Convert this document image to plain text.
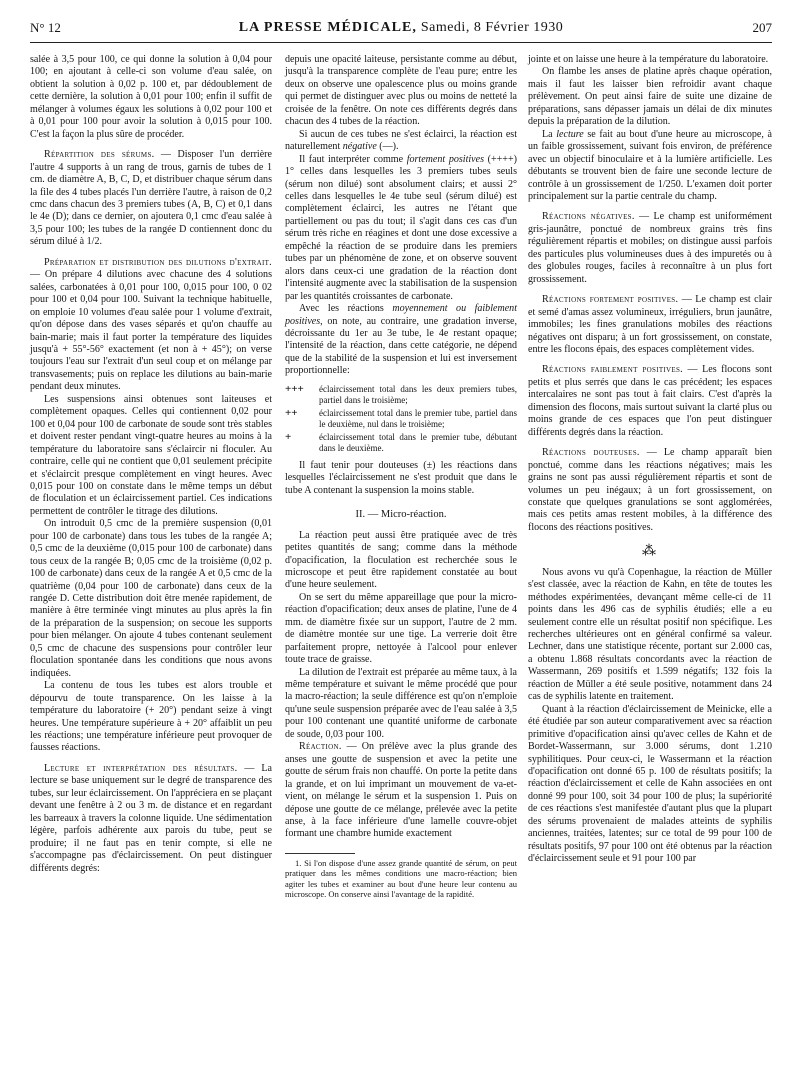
N° 12	LA PRESSE MÉDICALE, Samedi, 8 Février 1930	207

salée à 3,5 pour 100, ce qui donne la solution à 0,04 pour 100; en ajoutant à celle-ci son volume d'eau salée, on obtient la solution à 0,02 p. 100 et, par dédoublement de cette dernière, la solution à 0,01 pour 100; enfin il suffit de mélanger à volumes égaux les solutions à 0,02 pour 100 et à 0,01 pour 100 pour avoir la solution à 0,015 pour 100. C'est la façon la plus sûre de procéder.

Répartition des sérums. — Disposer l'un derrière l'autre 4 supports à un rang de trous, garnis de tubes de 1 cm. de diamètre A, B, C, D, et distribuer chaque sérum dans la file des 4 tubes placés l'un derrière l'autre, à raison de 0,2 cmc dans chacun des 3 premiers tubes (A, B, C) et 0,1 dans le 4e (D); dans ce dernier, on ajoutera 0,1 cmc d'eau salée à 3,5 pour 100; les tubes de la rangée D contiennent donc du sérum dilué à 1/2.

Préparation et distribution des dilutions d'extrait. — On prépare 4 dilutions avec chacune des 4 solutions salées, carbonatées à 0,01 pour 100, 0,015 pour 100, 0 02 pour 100 et 0,04 pour 100. Suivant la technique habituelle, on emploie 10 volumes d'eau salée pour 1 volume d'extrait, qu'on dépose dans des vases séparés et qu'on chauffe au bain-marie; mais il faut porter la température des liquides jusqu'à + 55°-56° exactement (et non à + 45°); on verse toujours l'eau sur l'extrait d'un seul coup et on mélange par transvasements; puis on replace les dilutions au bain-marie pendant deux minutes.

Les suspensions ainsi obtenues sont laiteuses et complètement opaques. Celles qui contiennent 0,02 pour 100 et 0,04 pour 100 de carbonate de soude sont très stables et doivent rester pendant vingt-quatre heures au moins à la température du laboratoire sans s'éclaircir ni floculer. Au contraire, celle qui ne contient que 0,01 seulement précipite et s'éclaircit presque complètement en vingt heures. Avec 0,015 pour 100 on constate dans le même temps un début de floculation et un éclaircissement partiel. Ces indications permettent de contrôler le titrage des dilutions.

On introduit 0,5 cmc de la première suspension (0,01 pour 100 de carbonate) dans tous les tubes de la rangée A; 0,5 cmc de la deuxième (0,015 pour 100 de carbonate) dans tous ceux de la rangée B; 0,05 cmc de la troisième (0,02 p. 100 de carbonate) dans ceux de la rangée A et 0,5 cmc de la quatrième (0,04 pour 100 de carbonate) dans ceux de la rangée D. Cette distribution doit être menée rapidement, de manière à être terminée vingt minutes au plus après la fin de la préparation de la suspension; on secoue les supports pour bien mélanger. On ajoute 4 tubes contenant seulement 0,5 cmc de chacune des suspensions pour contrôler leur floculation spontanée dans les conditions que nous avons indiquées.

La contenu de tous les tubes est alors trouble et dépourvu de toute transparence. On les laisse à la température du laboratoire (+ 20°) pendant seize à vingt heures. Une température supérieure à + 20° affaiblit un peu les réactions; une température inférieure peut provoquer de fausses réactions.

Lecture et interprétation des résultats. — La lecture se base uniquement sur le degré de transparence des tubes, sur leur éclaircissement. On l'appréciera en se plaçant devant une fenêtre à 2 ou 3 m. de distance et en regardant les barreaux à travers la colonne liquide. Une sédimentation légère, parfois adhérente aux parois du tube, peut se produire; il ne faut pas en tenir compte, si elle ne s'accompagne pas d'éclaircissement. On peut distinguer différents degrés:

depuis une opacité laiteuse, persistante comme au début, jusqu'à la transparence complète de l'eau pure; entre les deux on observe une opalescence plus ou moins grande qui permet de distinguer avec plus ou moins de netteté la croisée de la fenêtre. On note ces différents degrés dans chacun des 4 tubes de la réaction.

Si aucun de ces tubes ne s'est éclairci, la réaction est naturellement négative (—).

Il faut interpréter comme fortement positives (++++) 1° celles dans lesquelles les 3 premiers tubes seuls (sérum non dilué) sont absolument clairs; et aussi 2° celles dans lesquelles le 4e tube seul (sérum dilué) est complètement éclairci, les autres ne l'étant que partiellement ou pas du tout; il s'agit dans ces cas d'un sérum très riche en réagines et dont une dose excessive a empêché la réaction de se produire dans les premiers tubes par un phénomène de zone, et on observe souvent alors dans ceux-ci une gradation de la réaction dont l'intensité augmente avec la stabilisation de la suspension par les quantités croissantes de carbonate.

Avec les réactions moyennement ou faiblement positives, on note, au contraire, une gradation inverse, décroissante du 1er au 3e tube, le 4e restant opaque; l'intensité de la réaction, dans cette catégorie, ne dépend que de la stabilité de la suspension et lui est inversement proportionnelle:

+++	éclaircissement total dans les deux premiers tubes, partiel dans le troisième;
++	éclaircissement total dans le premier tube, partiel dans le deuxième, nul dans le troisième;
+	éclaircissement total dans le premier tube, débutant dans le deuxième.

Il faut tenir pour douteuses (±) les réactions dans lesquelles l'éclaircissement ne s'est produit que dans le tube A contenant la suspension la moins stable.

II. — Micro-réaction.

La réaction peut aussi être pratiquée avec de très petites quantités de sang; comme dans la méthode d'opacification, la floculation est recherchée sous le microscope et peut être rapidement constatée au bout d'une heure seulement.

On se sert du même appareillage que pour la micro-réaction d'opacification; deux anses de platine, l'une de 4 mm. de diamètre fixée sur un support, l'autre de 2 mm. de diamètre montée sur une tige. La verrerie doit être parfaitement propre, nettoyée à l'alcool pour enlever toute trace de graisse.

La dilution de l'extrait est préparée au même taux, à la même température et suivant le même procédé que pour la macro-réaction; la seule différence est qu'on n'emploie qu'une seule suspension préparée avec de l'eau salée à 3,5 pour 100 contenant une quantité uniforme de carbonate de soude, 0,03 pour 100.

Réaction. — On prélève avec la plus grande des anses une goutte de suspension et avec la petite une goutte de sérum frais non chauffé. On porte la petite dans la grande, et on lui imprimant un mouvement de va-et-vient, on mélange le sérum et la suspension 1. Puis on dépose une goutte de ce mélange, prélevée avec la petite anse, à la face inférieure d'une lamelle couvre-objet formant une chambre humide exactement

1. Si l'on dispose d'une assez grande quantité de sérum, on peut pratiquer dans les mêmes conditions une macro-réaction; bien agiter les tubes et examiner au bout d'une heure leur contenu au microscope. On conserve ainsi l'avantage de la rapidité.

jointe et on laisse une heure à la température du laboratoire.

On flambe les anses de platine après chaque opération, mais il faut les laisser bien refroidir avant chaque prélèvement. On peut ainsi faire de suite une dizaine de préparations, sans dépasser jamais un délai de dix minutes depuis la préparation de la dilution.

La lecture se fait au bout d'une heure au microscope, à un faible grossissement, suivant fois environ, de préférence avec un objectif binoculaire et à la lumière artificielle. Les débutants se trouvent bien de faire une seconde lecture de contrôle à un grossissement de 1/250. L'examen doit porter principalement sur la partie centrale du champ.

Réactions négatives. — Le champ est uniformément gris-jaunâtre, ponctué de nombreux grains très fins régulièrement répartis et mobiles; on distingue aussi parfois des particules plus volumineuses dues à des impuretés ou à des globules rouges, faciles à reconnaître à un plus fort grossissement.

Réactions fortement positives. — Le champ est clair et semé d'amas assez volumineux, irréguliers, brun jaunâtre, immobiles; les fines granulations mobiles des réactions négatives ont disparu; à un fort grossissement, on constate, entre les flocons épais, des espaces complètement vides.

Réactions faiblement positives. — Les flocons sont petits et plus serrés que dans le cas précédent; les espaces intercalaires ne sont pas tout à fait clairs. C'est d'après la dimension des flocons, mais surtout suivant la clarté plus ou moins grande de ces espaces que l'on peut distinguer différents degrés dans la réaction.

Réactions douteuses. — Le champ apparaît bien ponctué, comme dans les réactions négatives; mais les grains ne sont pas aussi régulièrement répartis et sont de volumes un peu inégaux; à un fort grossissement, on constate que quelques granulations se sont agglomérées, mais ces petits amas restent mobiles, à la différence des flocons des réactions positives.

⁂

Nous avons vu qu'à Copenhague, la réaction de Müller s'est classée, avec la réaction de Kahn, en tête de toutes les méthodes expérimentées, devançant même celle-ci de 11 points dans les 496 cas de syphilis étudiés; elle a eu seulement contre elle un résultat positif non spécifique. Les recherches ultérieures ont en général confirmé sa valeur. Lechner, dans une statistique récente, portant sur 2.000 cas, a obtenu 1.868 résultats concordants avec la réaction de Wassermann, 269 positifs et 1.599 négatifs; 132 fois la réaction de Müller a été seule positive, notamment dans 24 cas de syphilis latente en traitement.

Quant à la réaction d'éclaircissement de Meinicke, elle a été étudiée par son auteur comparativement avec sa réaction primitive d'opacification ainsi qu'avec celles de Kahn et de Bordet-Wassermann, sur 3.000 sérums, dont 1.210 syphilitiques. Pour ceux-ci, le Wassermann et la réaction d'opacification ont donné 65 p. 100 de résultats positifs; la réaction d'éclaircissement et celle de Kahn associées en ont donné 99 pour 100, soit 34 pour 100 de plus; la supériorité de ces réactions s'est manifestée d'autant plus que la plupart des sérums provenaient de malades atteints de syphilis anciennes, traitées, latentes; sur ce total de 99 pour 100 de résultats positifs, 97 pour 100 ont été obtenus par la réaction d'éclaircissement seule et 91 pour 100 par
